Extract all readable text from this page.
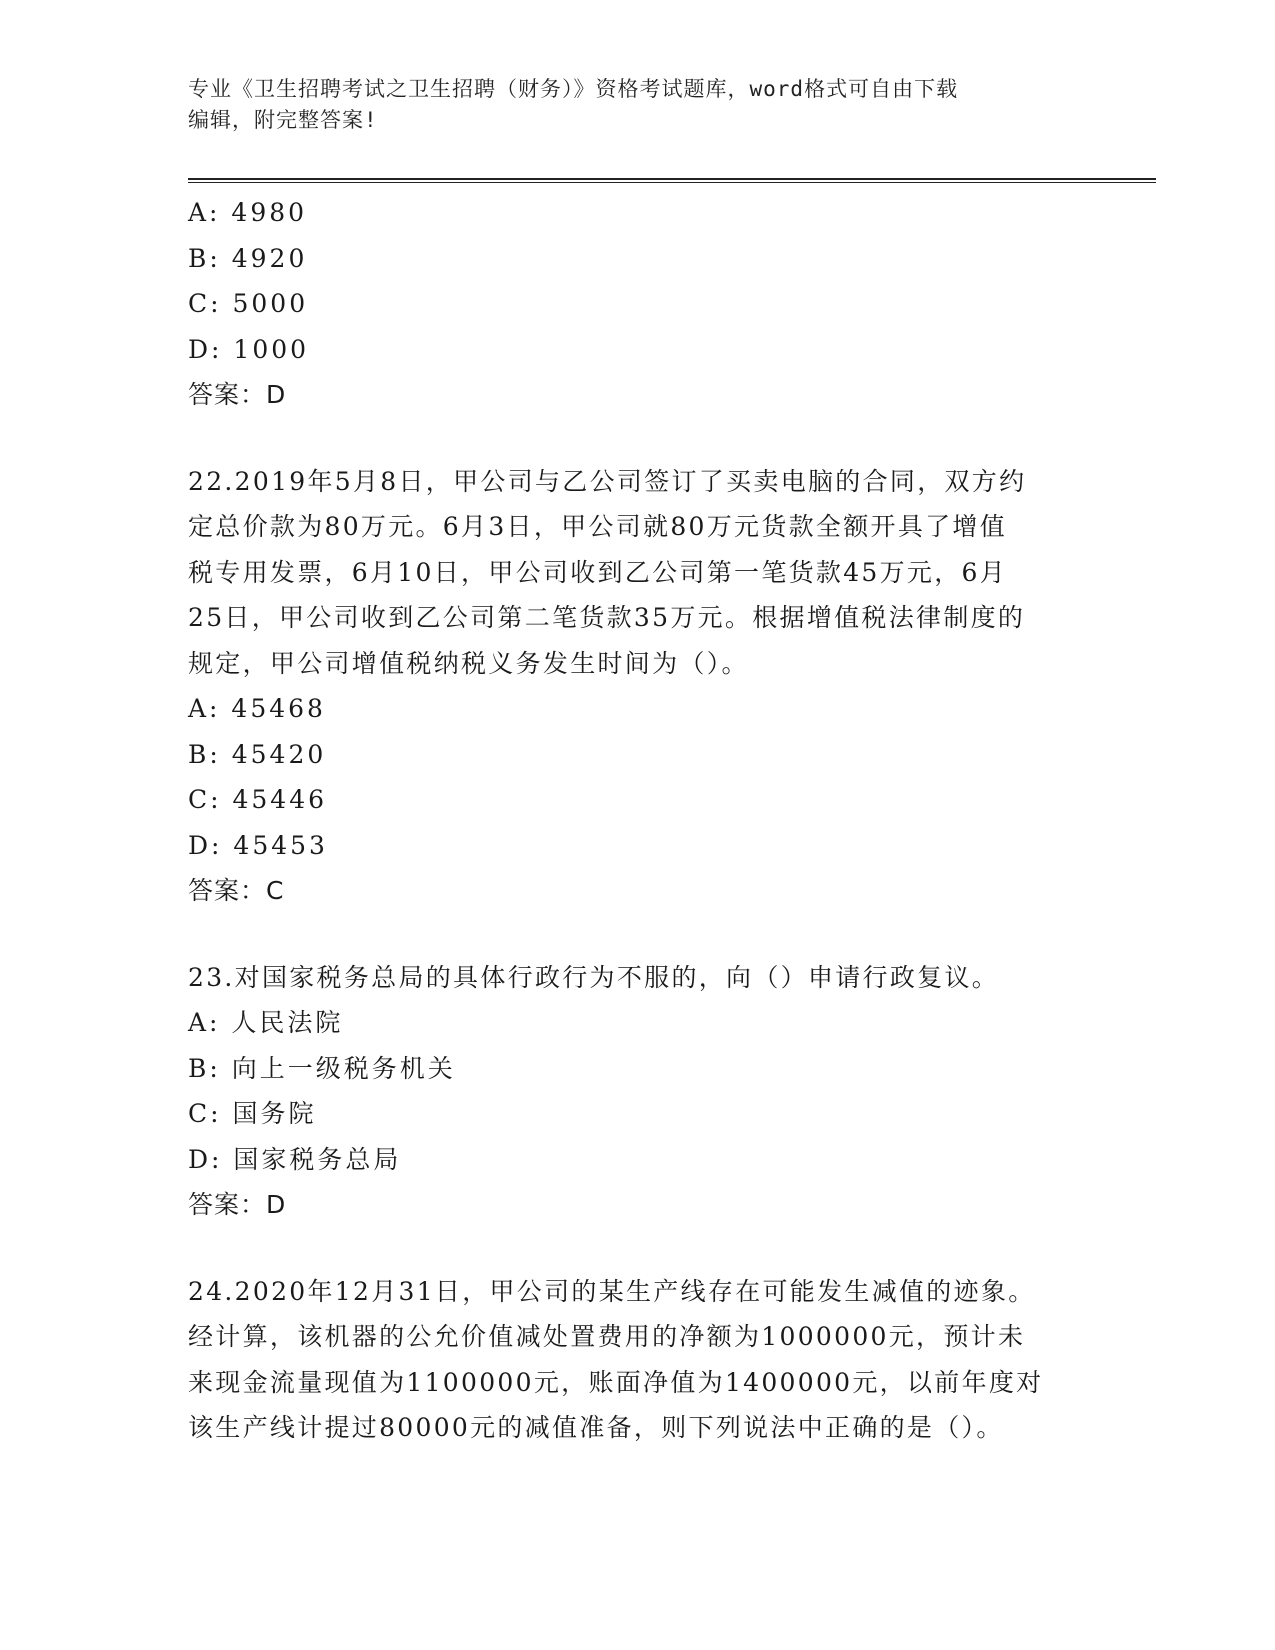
专业《卫生招聘考试之卫生招聘（财务）》资格考试题库，word格式可自由下载
编辑，附完整答案!
A: 4980
B: 4920
C: 5000
D: 1000
答案：D
22.2019年5月8日，甲公司与乙公司签订了买卖电脑的合同，双方约
定总价款为80万元。6月3日，甲公司就80万元货款全额开具了增值
税专用发票，6月10日，甲公司收到乙公司第一笔货款45万元，6月
25日，甲公司收到乙公司第二笔货款35万元。根据增值税法律制度的
规定，甲公司增值税纳税义务发生时间为（）。
A: 45468
B: 45420
C: 45446
D: 45453
答案：C
23.对国家税务总局的具体行政行为不服的，向（）申请行政复议。
A: 人民法院
B: 向上一级税务机关
C: 国务院
D: 国家税务总局
答案：D
24.2020年12月31日，甲公司的某生产线存在可能发生减值的迹象。
经计算，该机器的公允价值减处置费用的净额为1000000元，预计未
来现金流量现值为1100000元，账面净值为1400000元，以前年度对
该生产线计提过80000元的减值准备，则下列说法中正确的是（）。
